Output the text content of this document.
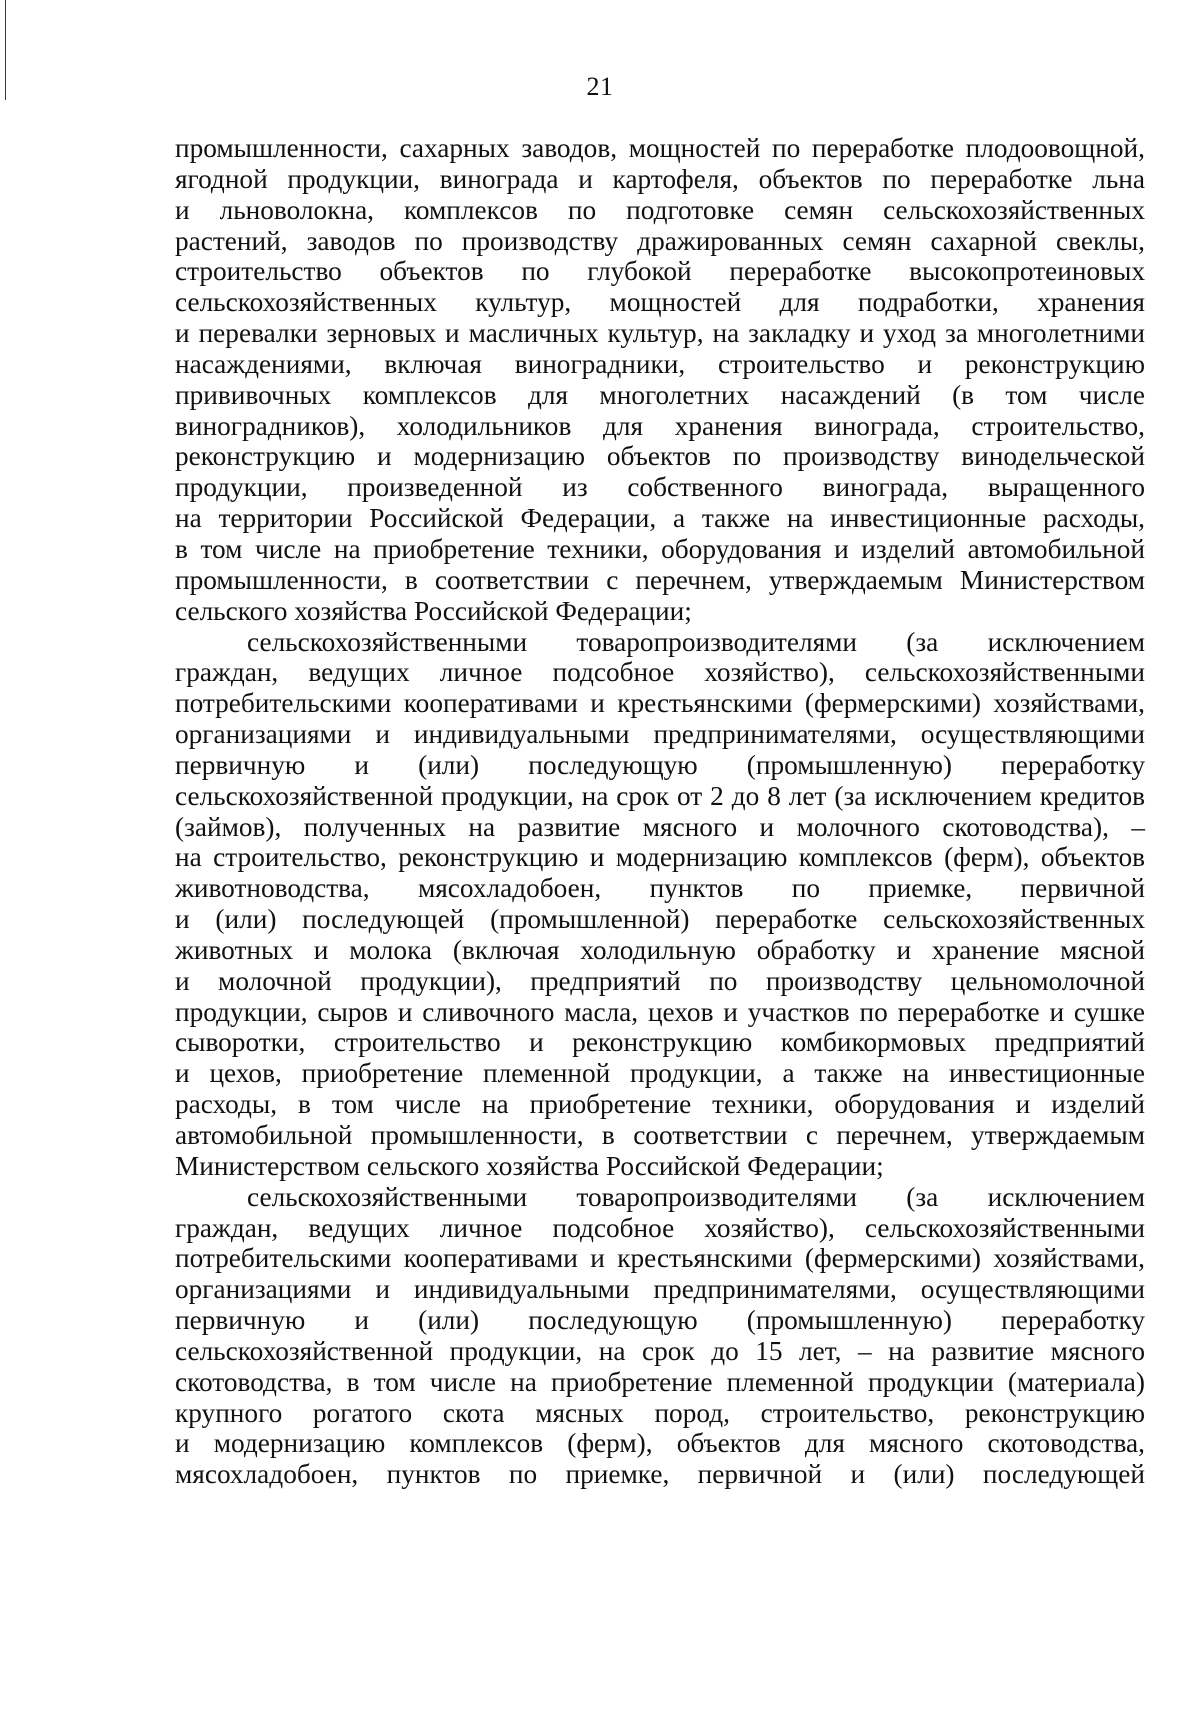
21
промышленности, сахарных заводов, мощностей по переработке плодоовощной,
ягодной продукции, винограда и картофеля, объектов по переработке льна
и льноволокна, комплексов по подготовке семян сельскохозяйственных
растений, заводов по производству дражированных семян сахарной свеклы,
строительство объектов по глубокой переработке высокопротеиновых
сельскохозяйственных культур, мощностей для подработки, хранения
и перевалки зерновых и масличных культур, на закладку и уход за многолетними
насаждениями, включая виноградники, строительство и реконструкцию
прививочных комплексов для многолетних насаждений (в том числе
виноградников), холодильников для хранения винограда, строительство,
реконструкцию и модернизацию объектов по производству винодельческой
продукции, произведенной из собственного винограда, выращенного
на территории Российской Федерации, а также на инвестиционные расходы,
в том числе на приобретение техники, оборудования и изделий автомобильной
промышленности, в соответствии с перечнем, утверждаемым Министерством
сельского хозяйства Российской Федерации;
сельскохозяйственными товаропроизводителями (за исключением
граждан, ведущих личное подсобное хозяйство), сельскохозяйственными
потребительскими кооперативами и крестьянскими (фермерскими) хозяйствами,
организациями и индивидуальными предпринимателями, осуществляющими
первичную и (или) последующую (промышленную) переработку
сельскохозяйственной продукции, на срок от 2 до 8 лет (за исключением кредитов
(займов), полученных на развитие мясного и молочного скотоводства), –
на строительство, реконструкцию и модернизацию комплексов (ферм), объектов
животноводства, мясохладобоен, пунктов по приемке, первичной
и (или) последующей (промышленной) переработке сельскохозяйственных
животных и молока (включая холодильную обработку и хранение мясной
и молочной продукции), предприятий по производству цельномолочной
продукции, сыров и сливочного масла, цехов и участков по переработке и сушке
сыворотки, строительство и реконструкцию комбикормовых предприятий
и цехов, приобретение племенной продукции, а также на инвестиционные
расходы, в том числе на приобретение техники, оборудования и изделий
автомобильной промышленности, в соответствии с перечнем, утверждаемым
Министерством сельского хозяйства Российской Федерации;
сельскохозяйственными товаропроизводителями (за исключением
граждан, ведущих личное подсобное хозяйство), сельскохозяйственными
потребительскими кооперативами и крестьянскими (фермерскими) хозяйствами,
организациями и индивидуальными предпринимателями, осуществляющими
первичную и (или) последующую (промышленную) переработку
сельскохозяйственной продукции, на срок до 15 лет, – на развитие мясного
скотоводства, в том числе на приобретение племенной продукции (материала)
крупного рогатого скота мясных пород, строительство, реконструкцию
и модернизацию комплексов (ферм), объектов для мясного скотоводства,
мясохладобоен, пунктов по приемке, первичной и (или) последующей
